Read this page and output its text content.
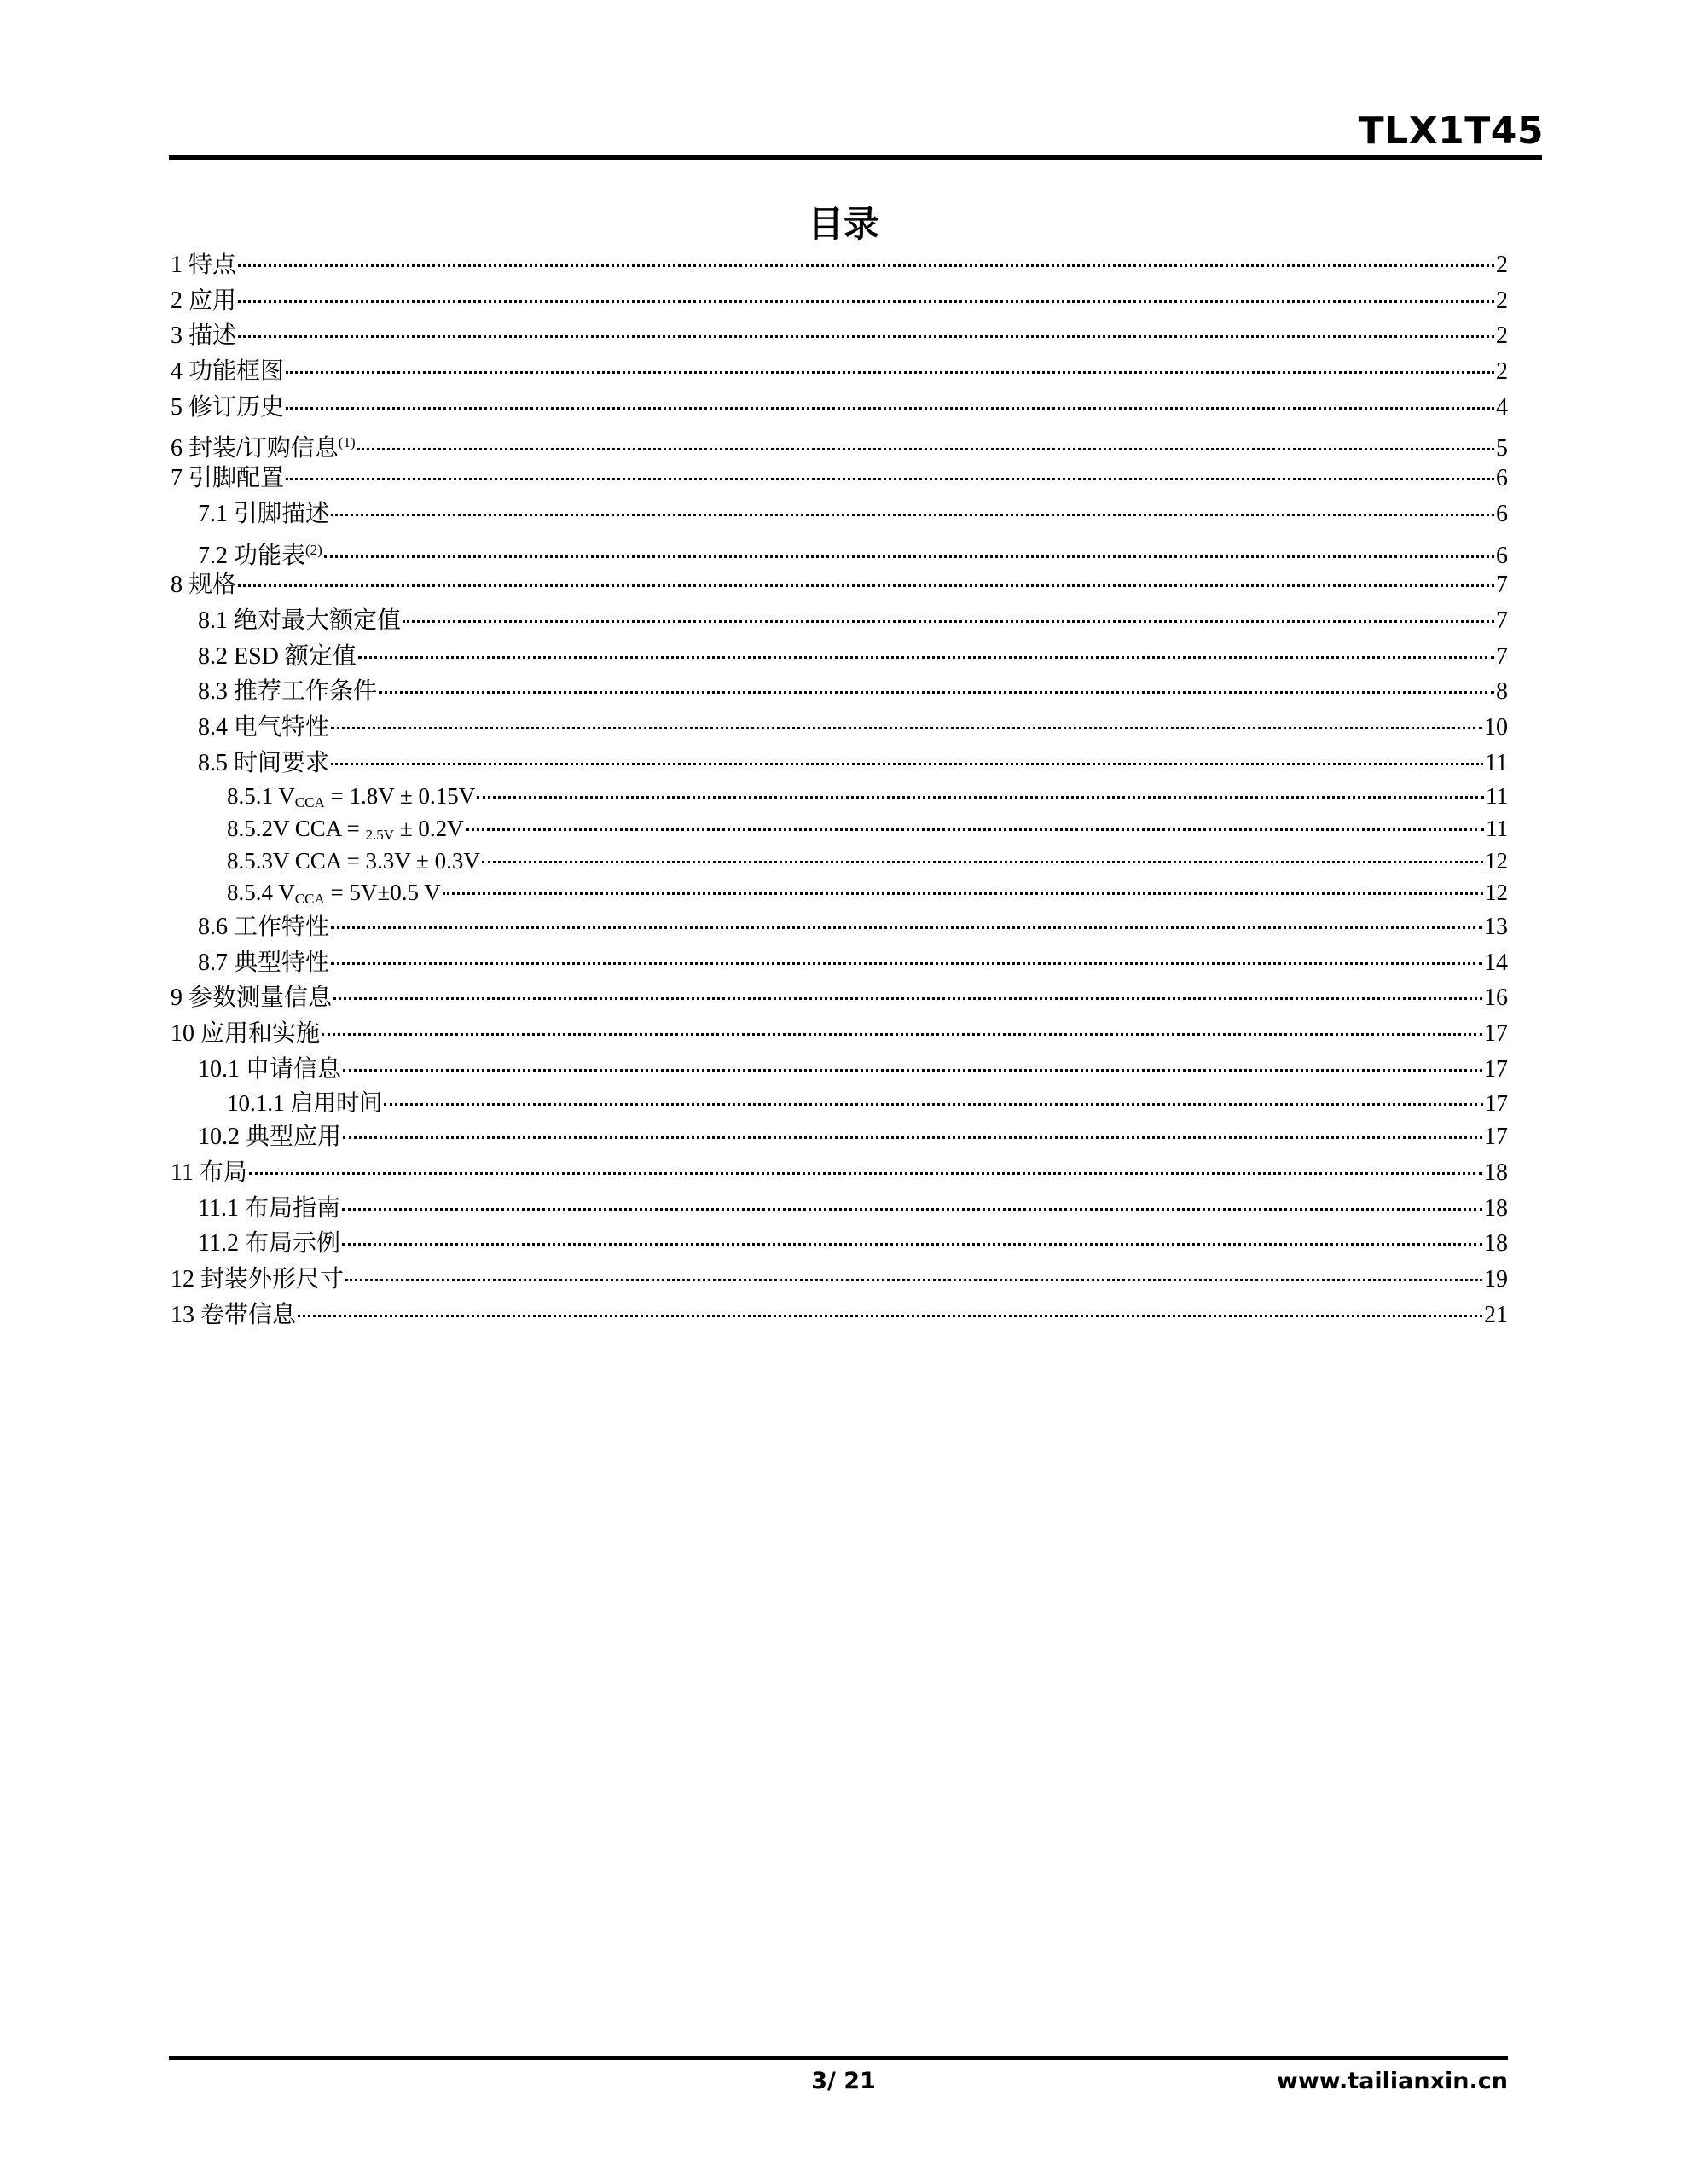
TLX1T45
目录
1 特点	2
2 应用	2
3 描述	2
4 功能框图	2
5 修订历史	4
6 封装/订购信息$^{(1)}$	5
7 引脚配置	6
7.1 引脚描述	6
7.2 功能表$^{(2)}$	6
8 规格	7
8.1 绝对最大额定值	7
8.2 ESD 额定值	7
8.3 推荐工作条件	8
8.4 电气特性	10
8.5 时间要求	11
8.5.1 $V_{CCA} = 1.8V \pm 0.15V$	11
8.5.2V CCA = 2.5V ± 0.2V	11
8.5.3V CCA = 3.3V ± 0.3V	12
8.5.4 $V_{CCA} = 5V\pm 0.5$ V	12
8.6 工作特性	13
8.7 典型特性	14
9 参数测量信息	16
10 应用和实施	17
10.1 申请信息	17
10.1.1 启用时间	17
10.2 典型应用	17
11 布局	18
11.1 布局指南	18
11.2 布局示例	18
12 封装外形尺寸	19
13 卷带信息	21
3/ 21	www.tailianxin.cn
